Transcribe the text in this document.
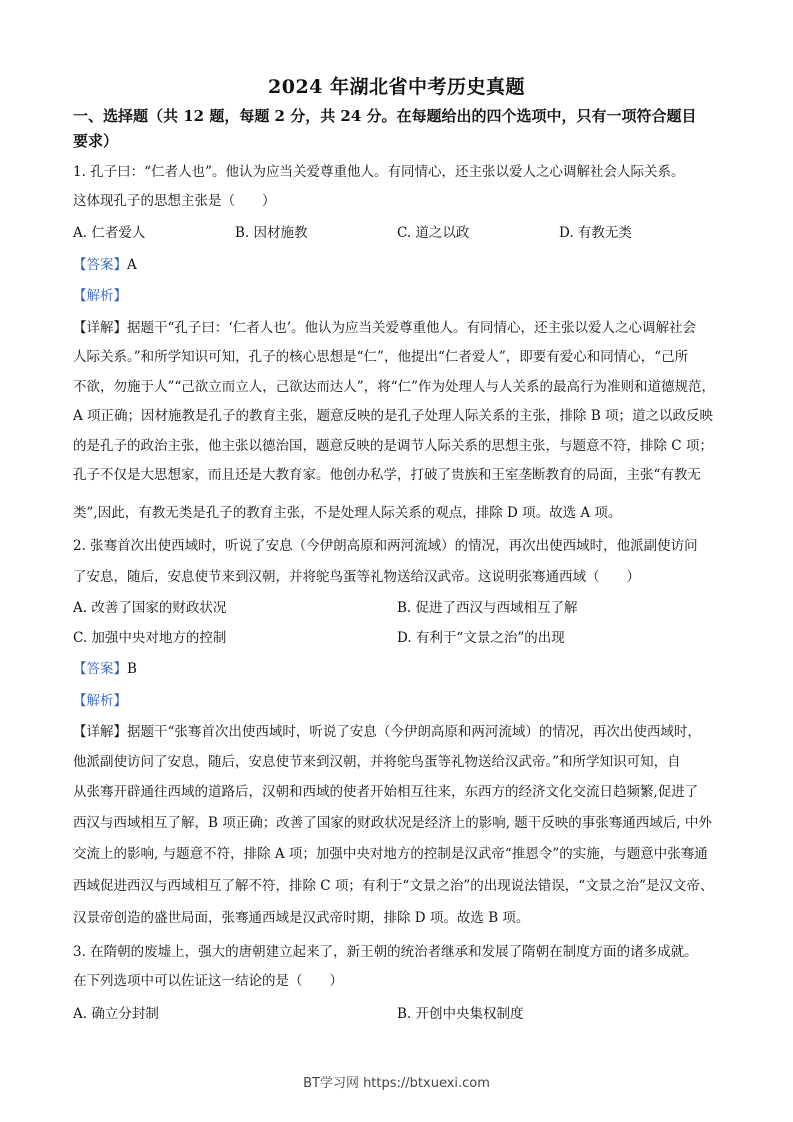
2024 年湖北省中考历史真题
一、选择题（共 12 题，每题 2 分，共 24 分。在每题给出的四个选项中，只有一项符合题目
要求）
1. 孔子曰：“仁者人也”。他认为应当关爱尊重他人。有同情心，还主张以爱人之心调解社会人际关系。
这体现孔子的思想主张是（　　）
A. 仁者爱人	B. 因材施教	C. 道之以政	D. 有教无类
【答案】A
【解析】
【详解】据题干“孔子曰：‘仁者人也’。他认为应当关爱尊重他人。有同情心，还主张以爱人之心调解社会
人际关系。”和所学知识可知，孔子的核心思想是“仁”，他提出“仁者爱人”，即要有爱心和同情心，“己所
不欲，勿施于人”“己欲立而立人，己欲达而达人”，将“仁”作为处理人与人关系的最高行为准则和道德规范，
A 项正确；因材施教是孔子的教育主张，题意反映的是孔子处理人际关系的主张，排除 B 项；道之以政反映
的是孔子的政治主张，他主张以德治国，题意反映的是调节人际关系的思想主张，与题意不符，排除 C 项；
孔子不仅是大思想家，而且还是大教育家。他创办私学，打破了贵族和王室垄断教育的局面，主张“有教无
类”,因此，有教无类是孔子的教育主张，不是处理人际关系的观点，排除 D 项。故选 A 项。
2. 张骞首次出使西域时，听说了安息（今伊朗高原和两河流域）的情况，再次出使西域时，他派副使访问
了安息，随后，安息使节来到汉朝，并将鸵鸟蛋等礼物送给汉武帝。这说明张骞通西域（　　）
A. 改善了国家的财政状况	B. 促进了西汉与西域相互了解
C. 加强中央对地方的控制	D. 有利于“文景之治”的出现
【答案】B
【解析】
【详解】据题干“张骞首次出使西域时，听说了安息（今伊朗高原和两河流域）的情况，再次出使西域时，
他派副使访问了安息，随后，安息使节来到汉朝，并将鸵鸟蛋等礼物送给汉武帝。”和所学知识可知，自
从张骞开辟通往西域的道路后，汉朝和西域的使者开始相互往来，东西方的经济文化交流日趋频繁,促进了
西汉与西域相互了解，B 项正确；改善了国家的财政状况是经济上的影响, 题干反映的事张骞通西域后, 中外
交流上的影响, 与题意不符，排除 A 项；加强中央对地方的控制是汉武帝“推恩令”的实施，与题意中张骞通
西域促进西汉与西域相互了解不符，排除 C 项；有利于“文景之治”的出现说法错误，“文景之治”是汉文帝、
汉景帝创造的盛世局面，张骞通西域是汉武帝时期，排除 D 项。故选 B 项。
3. 在隋朝的废墟上，强大的唐朝建立起来了，新王朝的统治者继承和发展了隋朝在制度方面的诸多成就。
在下列选项中可以佐证这一结论的是（　　）
A. 确立分封制	B. 开创中央集权制度
BT学习网 https://btxuexi.com
